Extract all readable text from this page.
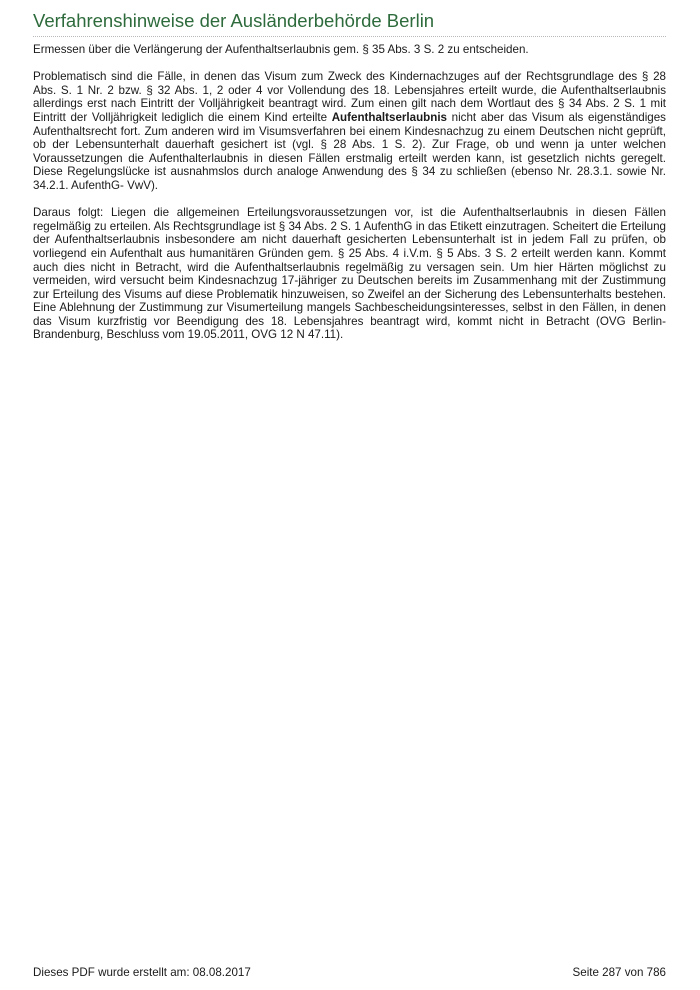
Verfahrenshinweise der Ausländerbehörde Berlin

Ermessen über die Verlängerung der Aufenthaltserlaubnis gem. § 35 Abs. 3 S. 2 zu entscheiden.

Problematisch sind die Fälle, in denen das Visum zum Zweck des Kindernachzuges auf der Rechtsgrundlage des § 28 Abs. S. 1 Nr. 2 bzw. § 32 Abs. 1, 2 oder 4 vor Vollendung des 18. Lebensjahres erteilt wurde, die Aufenthaltserlaubnis allerdings erst nach Eintritt der Volljährigkeit beantragt wird. Zum einen gilt nach dem Wortlaut des § 34 Abs. 2 S. 1 mit Eintritt der Volljährigkeit lediglich die einem Kind erteilte Aufenthaltserlaubnis nicht aber das Visum als eigenständiges Aufenthaltsrecht fort. Zum anderen wird im Visumsverfahren bei einem Kindesnachzug zu einem Deutschen nicht geprüft, ob der Lebensunterhalt dauerhaft gesichert ist (vgl. § 28 Abs. 1 S. 2). Zur Frage, ob und wenn ja unter welchen Voraussetzungen die Aufenthalterlaubnis in diesen Fällen erstmalig erteilt werden kann, ist gesetzlich nichts geregelt. Diese Regelungslücke ist ausnahmslos durch analoge Anwendung des § 34 zu schließen (ebenso Nr. 28.3.1. sowie Nr. 34.2.1. AufenthG- VwV).

Daraus folgt: Liegen die allgemeinen Erteilungsvoraussetzungen vor, ist die Aufenthaltserlaubnis in diesen Fällen regelmäßig zu erteilen. Als Rechtsgrundlage ist § 34 Abs. 2 S. 1 AufenthG in das Etikett einzutragen. Scheitert die Erteilung der Aufenthaltserlaubnis insbesondere am nicht dauerhaft gesicherten Lebensunterhalt ist in jedem Fall zu prüfen, ob vorliegend ein Aufenthalt aus humanitären Gründen gem. § 25 Abs. 4 i.V.m. § 5 Abs. 3 S. 2 erteilt werden kann. Kommt auch dies nicht in Betracht, wird die Aufenthaltserlaubnis regelmäßig zu versagen sein. Um hier Härten möglichst zu vermeiden, wird versucht beim Kindesnachzug 17-jähriger zu Deutschen bereits im Zusammenhang mit der Zustimmung zur Erteilung des Visums auf diese Problematik hinzuweisen, so Zweifel an der Sicherung des Lebensunterhalts bestehen. Eine Ablehnung der Zustimmung zur Visumerteilung mangels Sachbescheidungsinteresses, selbst in den Fällen, in denen das Visum kurzfristig vor Beendigung des 18. Lebensjahres beantragt wird, kommt nicht in Betracht (OVG Berlin-Brandenburg, Beschluss vom 19.05.2011, OVG 12 N 47.11).

Dieses PDF wurde erstellt am: 08.08.2017	Seite 287 von 786
